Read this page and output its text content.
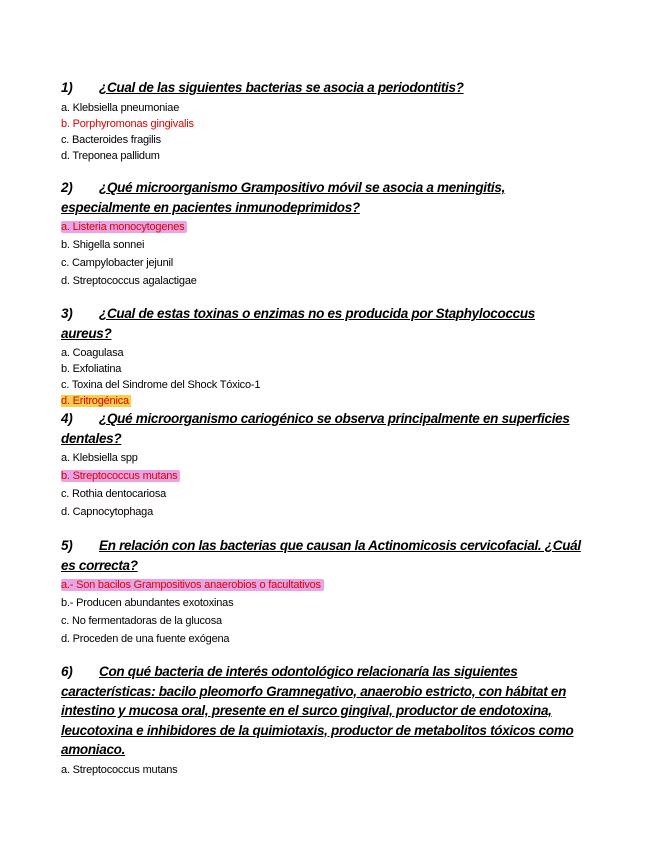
1) ¿Cual de las siguientes bacterias se asocia a periodontitis?
a. Klebsiella pneumoniae
b. Porphyromonas gingivalis
c. Bacteroides fragilis
d. Treponea pallidum
2) ¿Qué microorganismo Grampositivo móvil se asocia a meningitis, especialmente en pacientes inmunodeprimidos?
a. Listeria monocytogenes
b. Shigella sonnei
c. Campylobacter jejunil
d. Streptococcus agalactigae
3) ¿Cual de estas toxinas o enzimas no es producida por Staphylococcus aureus?
a. Coagulasa
b. Exfoliatina
c. Toxina del Sindrome del Shock Tóxico-1
d. Eritrogénica
4) ¿Qué microorganismo cariogénico se observa principalmente en superficies dentales?
a. Klebsiella spp
b. Streptococcus mutans
c. Rothia dentocariosa
d. Capnocytophaga
5) En relación con las bacterias que causan la Actinomicosis cervicofacial. ¿Cuál es correcta?
a.- Son bacilos Grampositivos anaerobios o facultativos
b.- Producen abundantes exotoxinas
c. No fermentadoras de la glucosa
d. Proceden de una fuente exógena
6) Con qué bacteria de interés odontológico relacionaría las siguientes características: bacilo pleomorfo Gramnegativo, anaerobio estricto, con hábitat en intestino y mucosa oral, presente en el surco gingival, productor de endotoxina, leucotoxina e inhibidores de la quimiotaxis, productor de metabolitos tóxicos como amoniaco.
a. Streptococcus mutans
